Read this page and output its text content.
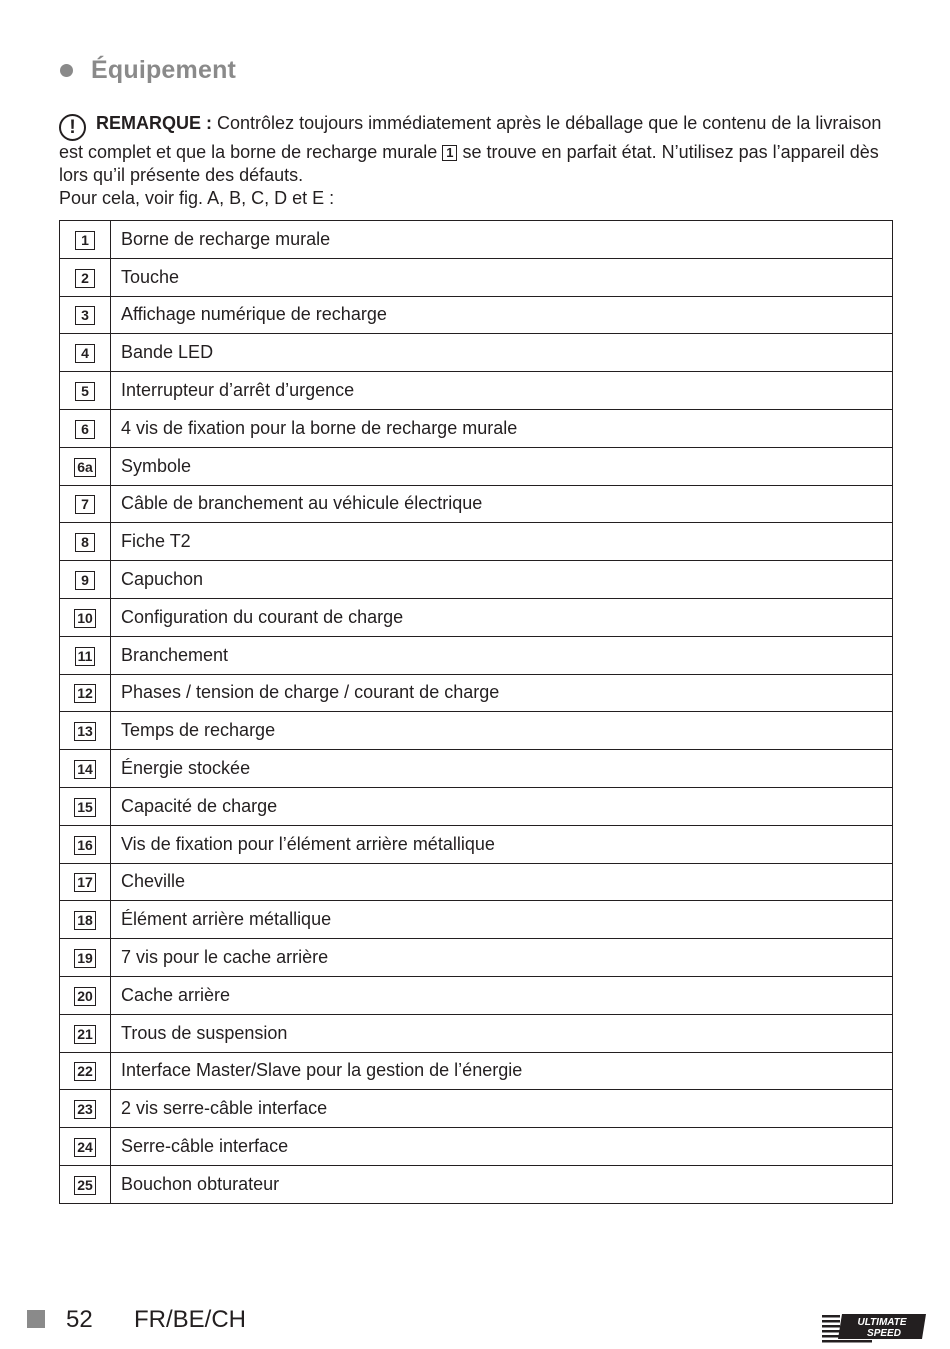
Équipement
! REMARQUE : Contrôlez toujours immédiatement après le déballage que le contenu de la livraison est complet et que la borne de recharge murale 1 se trouve en parfait état. N’utilisez pas l’appareil dès lors qu’il présente des défauts.
Pour cela, voir fig. A, B, C, D et E :
1	Borne de recharge murale
2	Touche
3	Affichage numérique de recharge
4	Bande LED
5	Interrupteur d’arrêt d’urgence
6	4 vis de fixation pour la borne de recharge murale
6a	Symbole
7	Câble de branchement au véhicule électrique
8	Fiche T2
9	Capuchon
10	Configuration du courant de charge
11	Branchement
12	Phases / tension de charge / courant de charge
13	Temps de recharge
14	Énergie stockée
15	Capacité de charge
16	Vis de fixation pour l’élément arrière métallique
17	Cheville
18	Élément arrière métallique
19	7 vis pour le cache arrière
20	Cache arrière
21	Trous de suspension
22	Interface Master/Slave pour la gestion de l’énergie
23	2 vis serre-câble interface
24	Serre-câble interface
25	Bouchon obturateur
52 FR/BE/CH	ULTIMATE
SPEED
